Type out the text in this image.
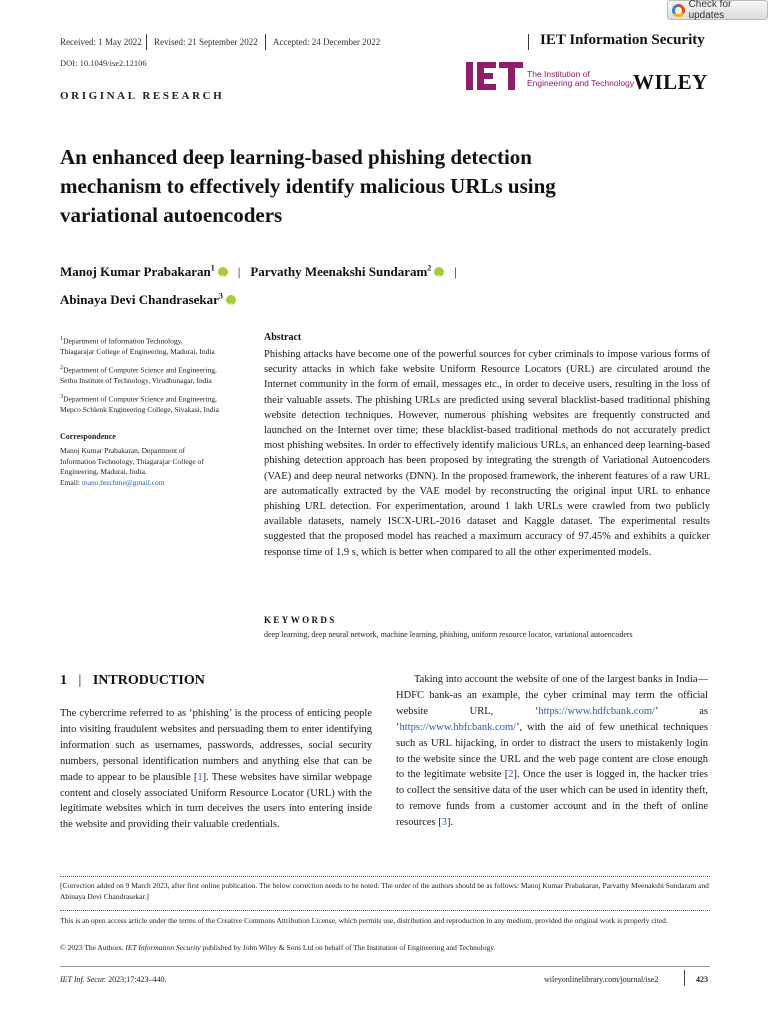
Check for updates
Received: 1 May 2022 Revised: 21 September 2022 Accepted: 24 December 2022	IET Information Security
DOI: 10.1049/ise2.12106
The Institution of
Engineering and Technology
WILEY
ORIGINAL RESEARCH
An enhanced deep learning-based phishing detection
mechanism to effectively identify malicious URLs using
variational autoencoders
Manoj Kumar Prabakaran$^1$ iD | Parvathy Meenakshi Sundaram$^2$ iD |
Abinaya Devi Chandrasekar$^3$iD
$^1$Department of Information Technology,
Thiagarajar College of Engineering, Madurai, India
$^2$Department of Computer Science and Engineering,
Sethu Institute of Technology, Virudhunagar, India
$^3$Department of Computer Science and Engineering,
Mepco Schlenk Engineering College, Sivakasi, India
Correspondence
Manoj Kumar Prabakaran, Department of
Information Technology, Thiagarajar College of
Engineering, Madurai, India.
Email: mano.btechme@gmail.com
Abstract
Phishing attacks have become one of the powerful sources for cyber criminals to impose various forms of security attacks in which fake website Uniform Resource Locators (URL) are circulated around the Internet community in the form of email, messages etc., in order to deceive users, resulting in the loss of their valuable assets. The phishing URLs are predicted using several blacklist-based traditional phishing website detection techniques. However, numerous phishing websites are frequently constructed and launched on the Internet over time; these blacklist-based traditional methods do not accurately predict most phishing websites. In order to effectively identify malicious URLs, an enhanced deep learning-based phishing detection approach has been proposed by integrating the strength of Variational Autoencoders (VAE) and deep neural networks (DNN). In the proposed framework, the inherent features of a raw URL are automatically extracted by the VAE model by reconstructing the original input URL to enhance phishing URL detection. For experimentation, around 1 lakh URLs were crawled from two publicly available datasets, namely ISCX-URL-2016 dataset and Kaggle dataset. The experimental results suggested that the proposed model has reached a maximum accuracy of 97.45% and exhibits a quicker response time of 1.9 s, which is better when compared to all the other experimented models.
KEYWORDS
deep learning, deep neural network, machine learning, phishing, uniform resource locator, variational autoencoders
1 | INTRODUCTION
The cybercrime referred to as ‘phishing’ is the process of enticing people into visiting fraudulent websites and persuading them to enter identifying information such as usernames, passwords, addresses, social security numbers, personal identification numbers and anything else that can be made to appear to be plausible [1]. These websites have similar webpage content and closely associated Uniform Resource Locator (URL) with the legitimate websites which in turn deceives the users into entering inside the website and providing their valuable credentials.
Taking into account the website of one of the largest banks in India—HDFC bank-as an example, the cyber criminal may term the official website URL, ‘https://www.hdfcbank.com/’ as ‘https://www.hbfcbank.com/’, with the aid of few unethical techniques such as URL hijacking, in order to distract the users to mistakenly login to the website since the URL and the web page content are close enough to the legitimate website [2]. Once the user is logged in, the hacker tries to collect the sensitive data of the user which can be used in identity theft, to remove funds from a customer account and in the theft of online resources [3].
[Correction added on 9 March 2023, after first online publication. The below correction needs to be noted: The order of the authors should be as follows: Manoj Kumar Prabakaran, Parvathy Meenakshi Sundaram and Abinaya Devi Chandrasekar.]
This is an open access article under the terms of the Creative Commons Attribution License, which permits use, distribution and reproduction in any medium, provided the original work is properly cited.
© 2023 The Authors. IET Information Security published by John Wiley & Sons Ltd on behalf of The Institution of Engineering and Technology.
IET Inf. Secur. 2023;17:423–440.	wileyonlinelibrary.com/journal/ise2	423
